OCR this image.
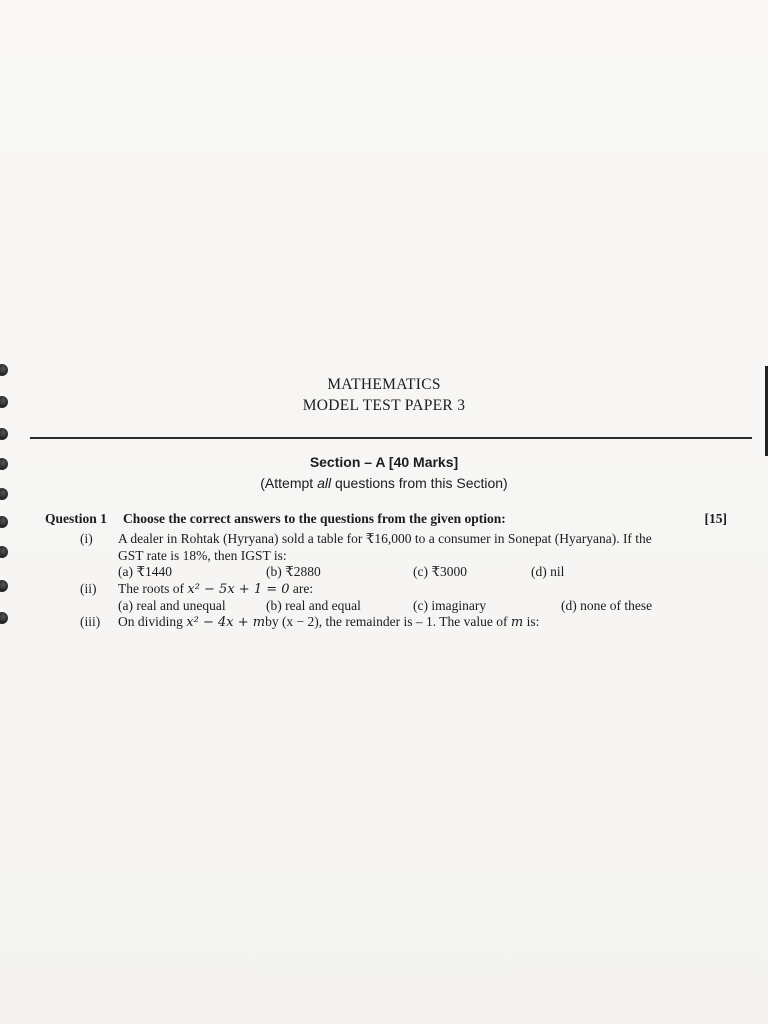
MATHEMATICS
MODEL TEST PAPER 3
Section – A [40 Marks]
(Attempt all questions from this Section)
Question 1 Choose the correct answers to the questions from the given option:	[15]
(i) A dealer in Rohtak (Hyryana) sold a table for ₹16,000 to a consumer in Sonepat (Hyaryana). If the
GST rate is 18%, then IGST is:
(a) ₹1440	(b) ₹2880	(c) ₹3000	(d) nil
(ii) The roots of x² − 5x + 1 = 0 are:
(a) real and unequal	(b) real and equal	(c) imaginary	(d) none of these
(iii) On dividing x² − 4x + mby (x − 2), the remainder is – 1. The value of m is:
